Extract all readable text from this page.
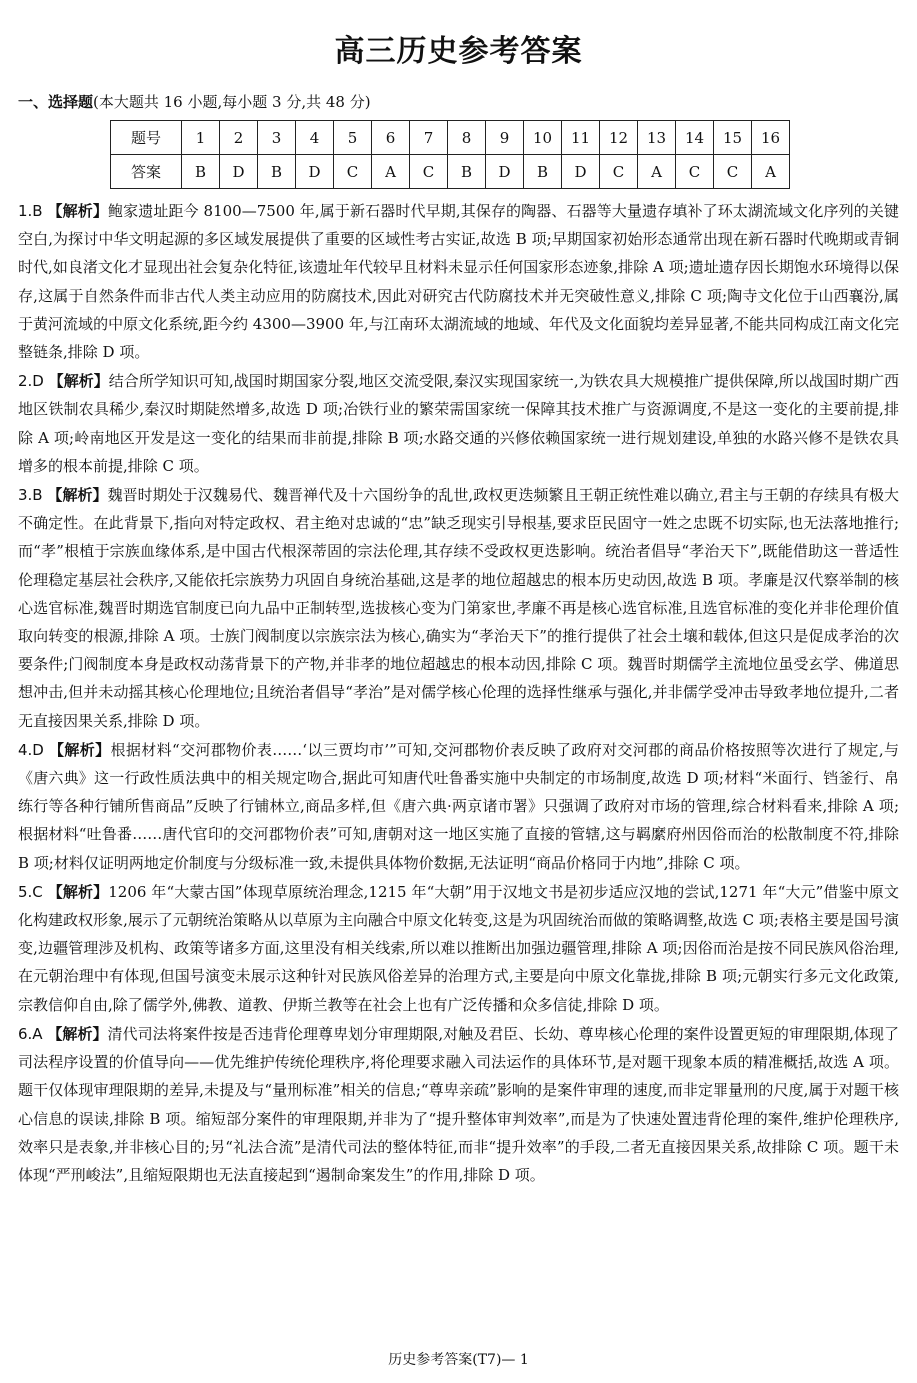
高三历史参考答案
一、选择题(本大题共 16 小题,每小题 3 分,共 48 分)
题号	1	2	3	4	5	6	7	8	9	10	11	12	13	14	15	16
答案	B	D	B	D	C	A	C	B	D	B	D	C	A	C	C	A
1.B 【解析】鲍家遗址距今 8100—7500 年,属于新石器时代早期,其保存的陶器、石器等大量遗存填补了环太湖流域文化序列的关键空白,为探讨中华文明起源的多区域发展提供了重要的区域性考古实证,故选 B 项;早期国家初始形态通常出现在新石器时代晚期或青铜时代,如良渚文化才显现出社会复杂化特征,该遗址年代较早且材料未显示任何国家形态迹象,排除 A 项;遗址遗存因长期饱水环境得以保存,这属于自然条件而非古代人类主动应用的防腐技术,因此对研究古代防腐技术并无突破性意义,排除 C 项;陶寺文化位于山西襄汾,属于黄河流域的中原文化系统,距今约 4300—3900 年,与江南环太湖流域的地域、年代及文化面貌均差异显著,不能共同构成江南文化完整链条,排除 D 项。
2.D 【解析】结合所学知识可知,战国时期国家分裂,地区交流受限,秦汉实现国家统一,为铁农具大规模推广提供保障,所以战国时期广西地区铁制农具稀少,秦汉时期陡然增多,故选 D 项;冶铁行业的繁荣需国家统一保障其技术推广与资源调度,不是这一变化的主要前提,排除 A 项;岭南地区开发是这一变化的结果而非前提,排除 B 项;水路交通的兴修依赖国家统一进行规划建设,单独的水路兴修不是铁农具增多的根本前提,排除 C 项。
3.B 【解析】魏晋时期处于汉魏易代、魏晋禅代及十六国纷争的乱世,政权更迭频繁且王朝正统性难以确立,君主与王朝的存续具有极大不确定性。在此背景下,指向对特定政权、君主绝对忠诚的“忠”缺乏现实引导根基,要求臣民固守一姓之忠既不切实际,也无法落地推行;而“孝”根植于宗族血缘体系,是中国古代根深蒂固的宗法伦理,其存续不受政权更迭影响。统治者倡导“孝治天下”,既能借助这一普适性伦理稳定基层社会秩序,又能依托宗族势力巩固自身统治基础,这是孝的地位超越忠的根本历史动因,故选 B 项。孝廉是汉代察举制的核心选官标准,魏晋时期选官制度已向九品中正制转型,选拔核心变为门第家世,孝廉不再是核心选官标准,且选官标准的变化并非伦理价值取向转变的根源,排除 A 项。士族门阀制度以宗族宗法为核心,确实为“孝治天下”的推行提供了社会土壤和载体,但这只是促成孝治的次要条件;门阀制度本身是政权动荡背景下的产物,并非孝的地位超越忠的根本动因,排除 C 项。魏晋时期儒学主流地位虽受玄学、佛道思想冲击,但并未动摇其核心伦理地位;且统治者倡导“孝治”是对儒学核心伦理的选择性继承与强化,并非儒学受冲击导致孝地位提升,二者无直接因果关系,排除 D 项。
4.D 【解析】根据材料“交河郡物价表……‘以三贾均市’”可知,交河郡物价表反映了政府对交河郡的商品价格按照等次进行了规定,与《唐六典》这一行政性质法典中的相关规定吻合,据此可知唐代吐鲁番实施中央制定的市场制度,故选 D 项;材料“米面行、铛釜行、帛练行等各种行铺所售商品”反映了行铺林立,商品多样,但《唐六典·两京诸市署》只强调了政府对市场的管理,综合材料看来,排除 A 项;根据材料“吐鲁番……唐代官印的交河郡物价表”可知,唐朝对这一地区实施了直接的管辖,这与羁縻府州因俗而治的松散制度不符,排除 B 项;材料仅证明两地定价制度与分级标准一致,未提供具体物价数据,无法证明“商品价格同于内地”,排除 C 项。
5.C 【解析】1206 年“大蒙古国”体现草原统治理念,1215 年“大朝”用于汉地文书是初步适应汉地的尝试,1271 年“大元”借鉴中原文化构建政权形象,展示了元朝统治策略从以草原为主向融合中原文化转变,这是为巩固统治而做的策略调整,故选 C 项;表格主要是国号演变,边疆管理涉及机构、政策等诸多方面,这里没有相关线索,所以难以推断出加强边疆管理,排除 A 项;因俗而治是按不同民族风俗治理,在元朝治理中有体现,但国号演变未展示这种针对民族风俗差异的治理方式,主要是向中原文化靠拢,排除 B 项;元朝实行多元文化政策,宗教信仰自由,除了儒学外,佛教、道教、伊斯兰教等在社会上也有广泛传播和众多信徒,排除 D 项。
6.A 【解析】清代司法将案件按是否违背伦理尊卑划分审理期限,对触及君臣、长幼、尊卑核心伦理的案件设置更短的审理限期,体现了司法程序设置的价值导向——优先维护传统伦理秩序,将伦理要求融入司法运作的具体环节,是对题干现象本质的精准概括,故选 A 项。题干仅体现审理限期的差异,未提及与“量刑标准”相关的信息;“尊卑亲疏”影响的是案件审理的速度,而非定罪量刑的尺度,属于对题干核心信息的误读,排除 B 项。缩短部分案件的审理限期,并非为了“提升整体审判效率”,而是为了快速处置违背伦理的案件,维护伦理秩序,效率只是表象,并非核心目的;另“礼法合流”是清代司法的整体特征,而非“提升效率”的手段,二者无直接因果关系,故排除 C 项。题干未体现“严刑峻法”,且缩短限期也无法直接起到“遏制命案发生”的作用,排除 D 项。
历史参考答案(T7)— 1
